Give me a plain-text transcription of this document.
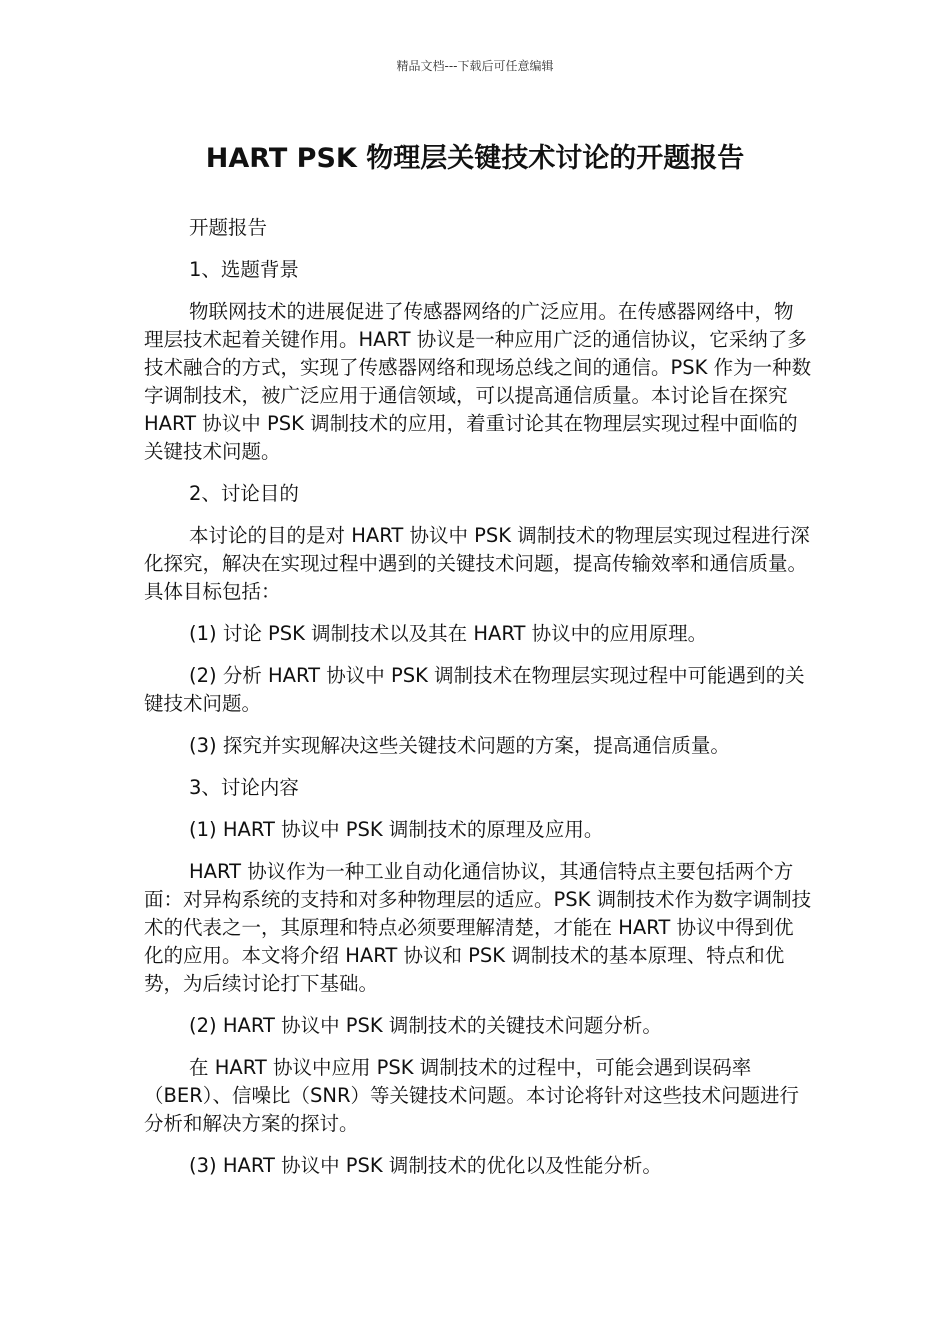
精品文档---下载后可任意编辑
HART PSK 物理层关键技术讨论的开题报告

开题报告

1、选题背景

物联网技术的进展促进了传感器网络的广泛应用。在传感器网络中，物理层技术起着关键作用。HART 协议是一种应用广泛的通信协议，它采纳了多技术融合的方式，实现了传感器网络和现场总线之间的通信。PSK 作为一种数字调制技术，被广泛应用于通信领域，可以提高通信质量。本讨论旨在探究 HART 协议中 PSK 调制技术的应用，着重讨论其在物理层实现过程中面临的关键技术问题。

2、讨论目的

本讨论的目的是对 HART 协议中 PSK 调制技术的物理层实现过程进行深化探究，解决在实现过程中遇到的关键技术问题，提高传输效率和通信质量。具体目标包括：

(1) 讨论 PSK 调制技术以及其在 HART 协议中的应用原理。

(2) 分析 HART 协议中 PSK 调制技术在物理层实现过程中可能遇到的关键技术问题。

(3) 探究并实现解决这些关键技术问题的方案，提高通信质量。

3、讨论内容

(1) HART 协议中 PSK 调制技术的原理及应用。

HART 协议作为一种工业自动化通信协议，其通信特点主要包括两个方面：对异构系统的支持和对多种物理层的适应。PSK 调制技术作为数字调制技术的代表之一，其原理和特点必须要理解清楚，才能在 HART 协议中得到优化的应用。本文将介绍 HART 协议和 PSK 调制技术的基本原理、特点和优势，为后续讨论打下基础。

(2) HART 协议中 PSK 调制技术的关键技术问题分析。

在 HART 协议中应用 PSK 调制技术的过程中，可能会遇到误码率（BER）、信噪比（SNR）等关键技术问题。本讨论将针对这些技术问题进行分析和解决方案的探讨。

(3) HART 协议中 PSK 调制技术的优化以及性能分析。
